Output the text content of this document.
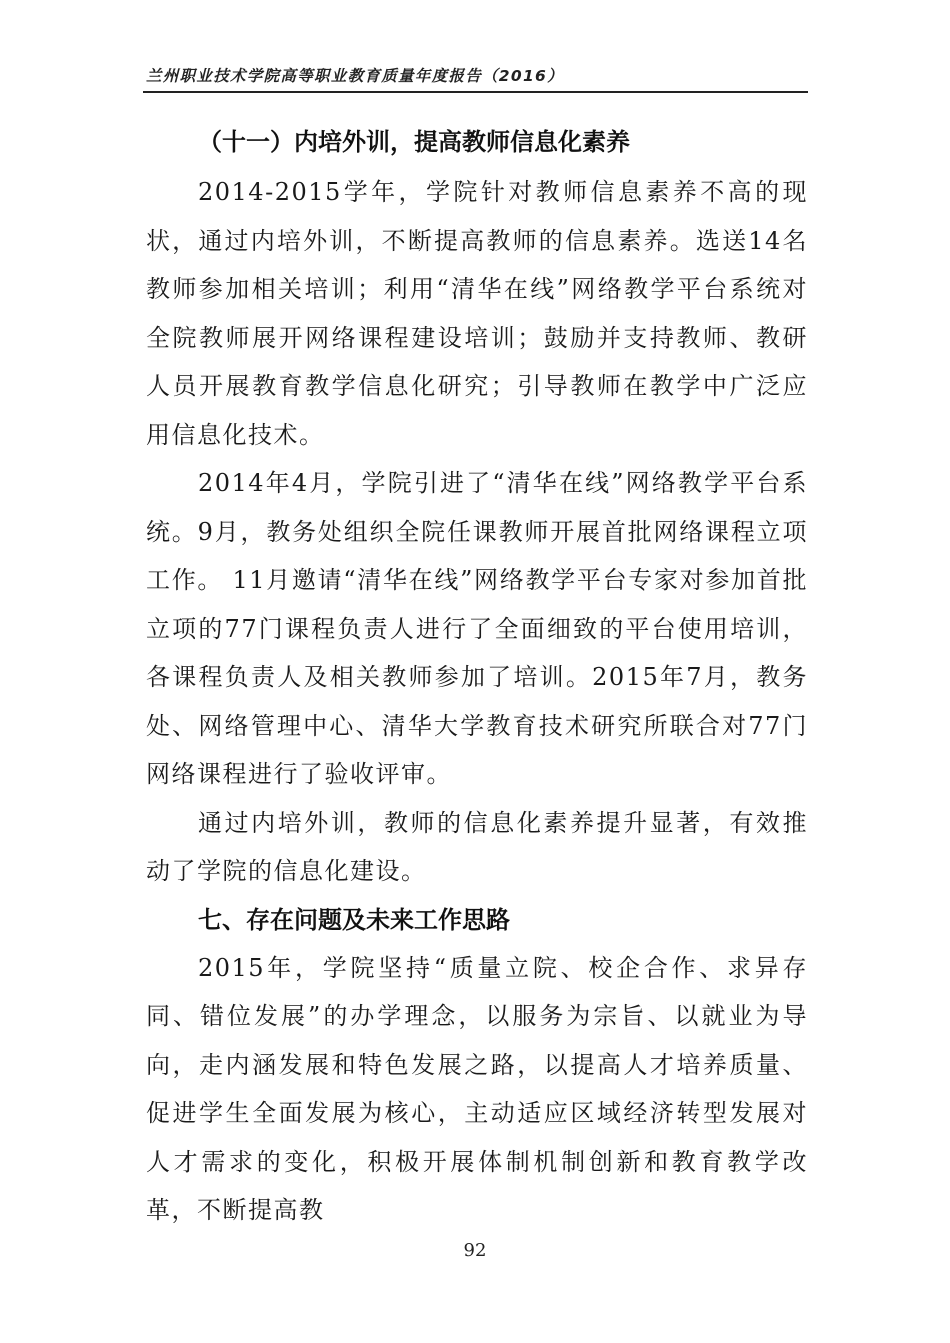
兰州职业技术学院高等职业教育质量年度报告（2016）
（十一）内培外训，提高教师信息化素养

2014-2015学年，学院针对教师信息素养不高的现状，通过内培外训，不断提高教师的信息素养。选送14名教师参加相关培训；利用“清华在线”网络教学平台系统对全院教师展开网络课程建设培训；鼓励并支持教师、教研人员开展教育教学信息化研究；引导教师在教学中广泛应用信息化技术。

2014年4月，学院引进了“清华在线”网络教学平台系统。9月，教务处组织全院任课教师开展首批网络课程立项工作。 11月邀请“清华在线”网络教学平台专家对参加首批立项的77门课程负责人进行了全面细致的平台使用培训，各课程负责人及相关教师参加了培训。2015年7月，教务处、网络管理中心、清华大学教育技术研究所联合对77门网络课程进行了验收评审。

通过内培外训，教师的信息化素养提升显著，有效推动了学院的信息化建设。

七、存在问题及未来工作思路

2015年，学院坚持“质量立院、校企合作、求异存同、错位发展”的办学理念，以服务为宗旨、以就业为导向，走内涵发展和特色发展之路，以提高人才培养质量、促进学生全面发展为核心，主动适应区域经济转型发展对人才需求的变化，积极开展体制机制创新和教育教学改革，不断提高教

92
